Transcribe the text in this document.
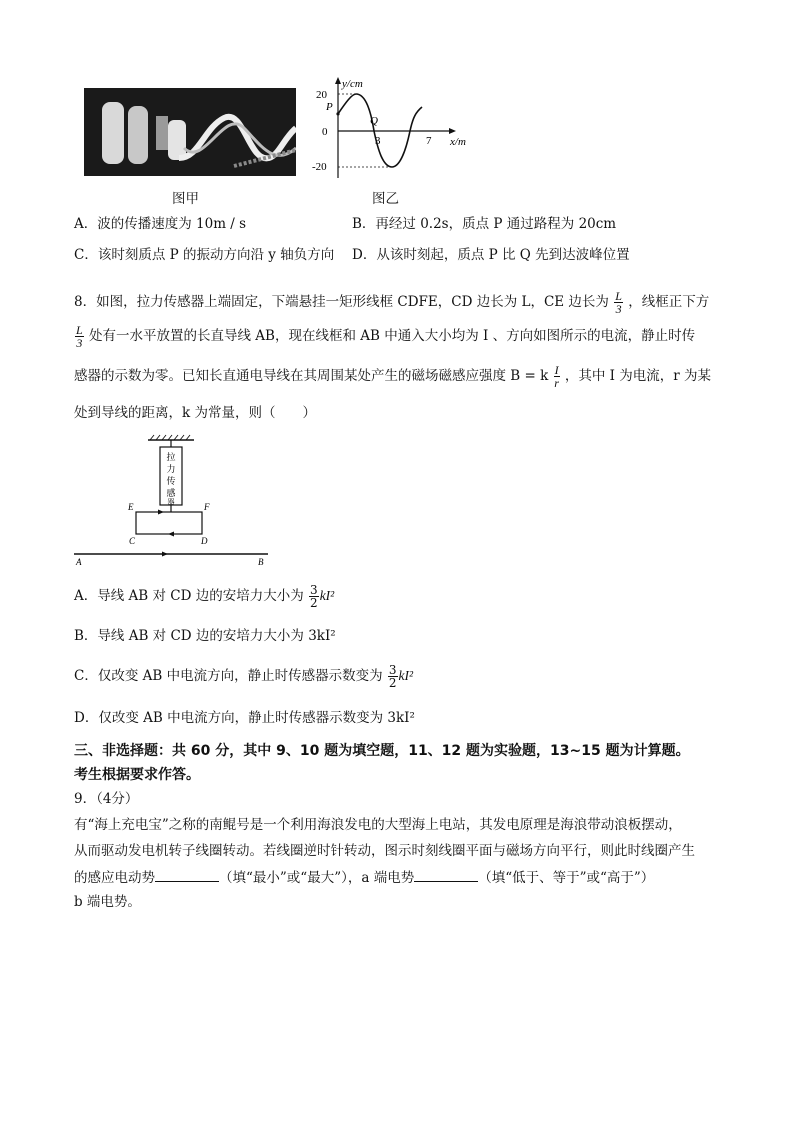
y/cm
20
P
0
-20
Q
3	7 x/m
图甲	图乙
A．波的传播速度为 10m / s	B．再经过 0.2s，质点 P 通过路程为 20cm
C．该时刻质点 P 的振动方向沿 y 轴负方向 D．从该时刻起，质点 P 比 Q 先到达波峰位置
8．如图，拉力传感器上端固定，下端悬挂一矩形线框 CDFE，CD 边长为 L，CE 边长为 $\frac{L}{3}$ ，线框正下方
$\frac{L}{3}$ 处有一水平放置的长直导线 AB，现在线框和 AB 中通入大小均为 I 、方向如图所示的电流，静止时传
感器的示数为零。已知长直通电导线在其周围某处产生的磁场磁感应强度 B = k $\frac{I}{r}$ ，其中 I 为电流，r 为某
处到导线的距离，k 为常量，则（　　）
拉
力
传
感
器
E	F
C	D
A	B
A．导线 AB 对 CD 边的安培力大小为 $\frac{3}{2} kI^2$
B．导线 AB 对 CD 边的安培力大小为 3kI²
C．仅改变 AB 中电流方向，静止时传感器示数变为 $\frac{3}{2} kI^2$
D．仅改变 AB 中电流方向，静止时传感器示数变为 3kI²
三、非选择题：共 60 分，其中 9、10 题为填空题，11、12 题为实验题，13~15 题为计算题。
考生根据要求作答。
9．（4分）
有“海上充电宝”之称的南鲲号是一个利用海浪发电的大型海上电站，其发电原理是海浪带动浪板摆动，
从而驱动发电机转子线圈转动。若线圈逆时针转动，图示时刻线圈平面与磁场方向平行，则此时线圈产生
的感应电动势	（填“最小”或“最大”），a 端电势	（填“低于、等于”或“高于”）
b 端电势。
